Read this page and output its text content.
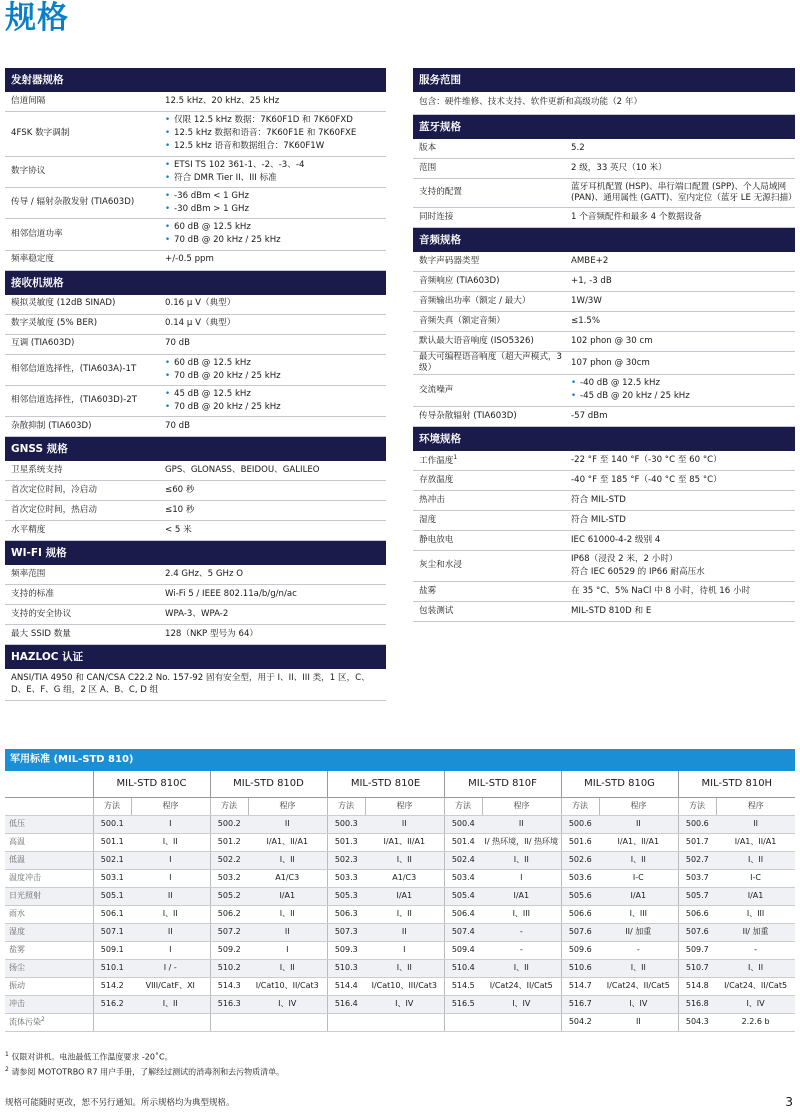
规格
发射器规格
信道间隔	12.5 kHz、20 kHz、25 kHz
4FSK 数字调制
• 仅限 12.5 kHz 数据：7K60F1D 和 7K60FXD
• 12.5 kHz 数据和语音：7K60F1E 和 7K60FXE
• 12.5 kHz 语音和数据组合：7K60F1W
数字协议
• ETSI TS 102 361-1、-2、-3、-4
• 符合 DMR Tier II、III 标准
传导 / 辐射杂散发射 (TIA603D)
• -36 dBm < 1 GHz
• -30 dBm > 1 GHz
相邻信道功率
• 60 dB @ 12.5 kHz
• 70 dB @ 20 kHz / 25 kHz
频率稳定度	+/-0.5 ppm
接收机规格
模拟灵敏度 (12dB SINAD)	0.16 µ V（典型）
数字灵敏度 (5% BER)	0.14 µ V（典型）
互调 (TIA603D)	70 dB
相邻信道选择性，(TIA603A)-1T
• 60 dB @ 12.5 kHz
• 70 dB @ 20 kHz / 25 kHz
相邻信道选择性，(TIA603D)-2T
• 45 dB @ 12.5 kHz
• 70 dB @ 20 kHz / 25 kHz
杂散抑制 (TIA603D)	70 dB
GNSS 规格
卫星系统支持	GPS、GLONASS、BEIDOU、GALILEO
首次定位时间，冷启动	≤60 秒
首次定位时间，热启动	≤10 秒
水平精度	< 5 米
WI-FI 规格
频率范围	2.4 GHz、5 GHz O
支持的标准	Wi-Fi 5 / IEEE 802.11a/b/g/n/ac
支持的安全协议	WPA-3、WPA-2
最大 SSID 数量	128（NKP 型号为 64）
HAZLOC 认证
ANSI/TIA 4950 和 CAN/CSA C22.2 No. 157-92 固有安全型，用于 I、II、III 类，1 区，C、D、E、F、G 组，2 区 A、B、C, D 组
服务范围
包含：硬件维修、技术支持、软件更新和高级功能（2 年）
蓝牙规格
版本	5.2
范围	2 级，33 英尺（10 米）
支持的配置
蓝牙耳机配置 (HSP)、串行端口配置 (SPP)、个人局域网 (PAN)、通用属性 (GATT)、室内定位（蓝牙 LE 无源扫描）
同时连接	1 个音频配件和最多 4 个数据设备
音频规格
数字声码器类型	AMBE+2
音频响应 (TIA603D)	+1, -3 dB
音频输出功率（额定 / 最大）	1W/3W
音频失真（额定音频）	≤1.5%
默认最大语音响度 (ISO5326)	102 phon @ 30 cm
最大可编程语音响度（超大声模式，3 级）
107 phon @ 30cm
交流噪声
• -40 dB @ 12.5 kHz
• -45 dB @ 20 kHz / 25 kHz
传导杂散辐射 (TIA603D)	-57 dBm
环境规格
工作温度$^1$	-22 °F 至 140 °F（-30 °C 至 60 °C）
存放温度	-40 °F 至 185 °F（-40 °C 至 85 °C）
热冲击	符合 MIL-STD
湿度	符合 MIL-STD
静电放电	IEC 61000-4-2 级别 4
灰尘和水浸
IP68（浸没 2 米，2 小时）
符合 IEC 60529 的 IP66 耐高压水
盐雾	在 35 °C、5% NaCl 中 8 小时，待机 16 小时
包装测试	MIL-STD 810D 和 E
军用标准 (MIL-STD 810)
	MIL-STD 810C		MIL-STD 810D		MIL-STD 810E		MIL-STD 810F		MIL-STD 810G		MIL-STD 810H	
	方法	程序	方法	程序	方法	程序	方法	程序	方法	程序	方法	程序
低压	500.1	I	500.2	II	500.3	II	500.4	II	500.6	II	500.6	II
高温	501.1	I、II	501.2	I/A1、II/A1	501.3	I/A1、II/A1	501.4	I/ 热环境，II/ 热环境	501.6	I/A1、II/A1	501.7	I/A1、II/A1
低温	502.1	I	502.2	I、II	502.3	I、II	502.4	I、II	502.6	I、II	502.7	I、II
温度冲击	503.1	I	503.2	A1/C3	503.3	A1/C3	503.4	I	503.6	I-C	503.7	I-C
日光照射	505.1	II	505.2	I/A1	505.3	I/A1	505.4	I/A1	505.6	I/A1	505.7	I/A1
雨水	506.1	I、II	506.2	I、II	506.3	I、II	506.4	I、III	506.6	I、III	506.6	I、III
湿度	507.1	II	507.2	II	507.3	II	507.4	-	507.6	II/ 加重	507.6	II/ 加重
盐雾	509.1	I	509.2	I	509.3	I	509.4	-	509.6	-	509.7	-
扬尘	510.1	I / -	510.2	I、II	510.3	I、II	510.4	I、II	510.6	I、II	510.7	I、II
振动	514.2	VIII/CatF、XI	514.3	I/Cat10、II/Cat3	514.4	I/Cat10、III/Cat3	514.5	I/Cat24、II/Cat5	514.7	I/Cat24、II/Cat5	514.8	I/Cat24、II/Cat5
冲击	516.2	I、II	516.3	I、IV	516.4	I、IV	516.5	I、IV	516.7	I、IV	516.8	I、IV
流体污染$^2$									504.2	II	504.3	2.2.6 b
$^1$ 仅限对讲机。电池最低工作温度要求 -20˚C。
$^2$ 请参阅 MOTOTRBO R7 用户手册，了解经过测试的消毒剂和去污物质清单。
规格可能随时更改，恕不另行通知。所示规格均为典型规格。	3
